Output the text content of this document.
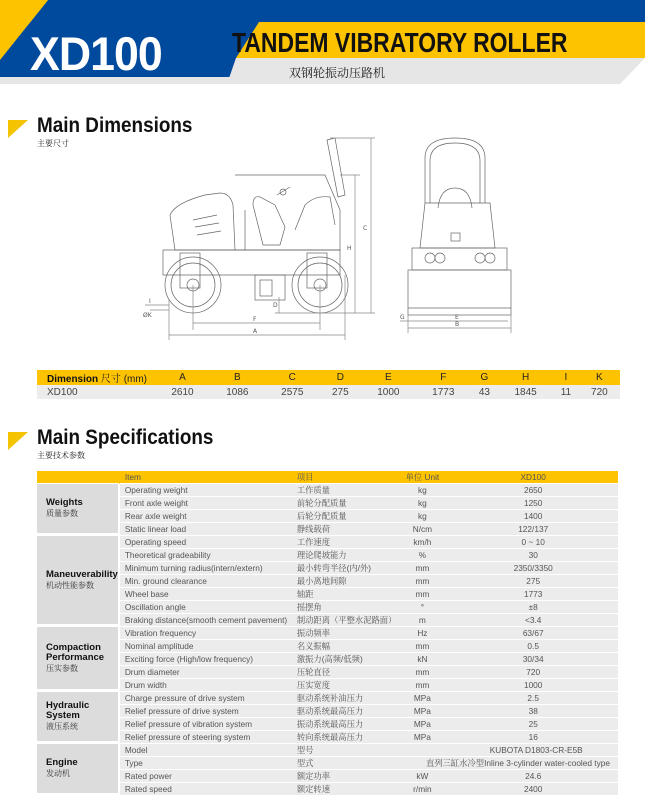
XD100	TANDEM VIBRATORY ROLLER
双钢轮振动压路机
Main Dimensions
主要尺寸
F
A
C
H
D
I
ØK
B
E
G
Dimension 尺寸 (mm)	A	B	C	D	E	F	G	H	I	K
XD100	2610	1086	2575	275	1000	1773	43	1845	11	720
Main Specifications
主要技术参数
	Item	项目	单位 Unit	XD100

Weights
质量参数	Operating weight	工作质量	kg	2650
	Front axle weight	前轮分配质量	kg	1250
	Rear axle weight	后轮分配质量	kg	1400
	Static linear load	静线载荷	N/cm	122/137

Maneuverability
机动性能参数	Operating speed	工作速度	km/h	0 ~ 10
	Theoretical gradeability	理论爬坡能力	%	30
	Minimum turning radius(intern/extern)	最小转弯半径(内/外)	mm	2350/3350
	Min. ground clearance	最小离地间隙	mm	275
	Wheel base	轴距	mm	1773
	Oscillation angle	摇摆角	°	±8
	Braking distance(smooth cement pavement)	制动距离（平整水泥路面）	m	<3.4

Compaction Performance
压实参数	Vibration frequency	振动频率	Hz	63/67
	Nominal amplitude	名义振幅	mm	0.5
	Exciting force (High/low frequency)	激振力(高频/低频)	kN	30/34
	Drum diameter	压轮直径	mm	720
	Drum width	压实宽度	mm	1000

Hydraulic System
液压系统	Charge pressure of drive system	驱动系统补油压力	MPa	2.5
	Relief pressure of drive system	驱动系统最高压力	MPa	38
	Relief pressure of vibration system	振动系统最高压力	MPa	25
	Relief pressure of steering system	转向系统最高压力	MPa	16

Engine
发动机	Model	型号	KUBOTA D1803-CR-E5B	
	Type	型式	直列三缸水冷型Inline 3-cylinder water-cooled type	
	Rated power	额定功率	kW	24.6
	Rated speed	额定转速	r/min	2400
